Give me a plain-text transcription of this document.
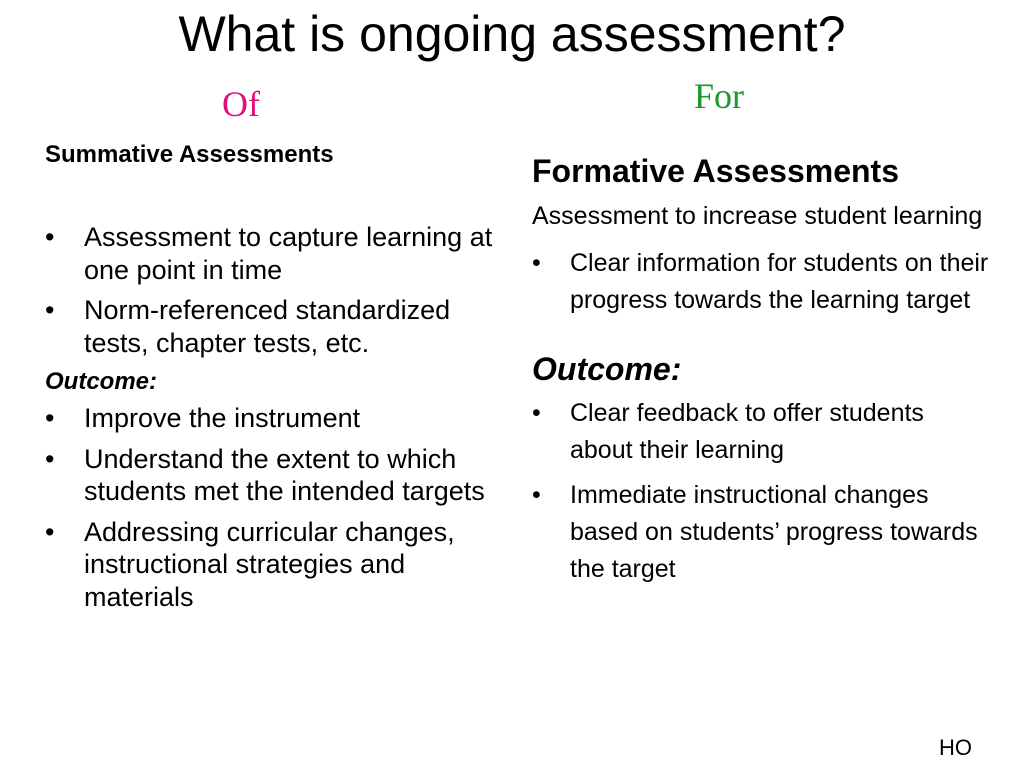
What is ongoing assessment?
Of	For

Summative Assessments

• Assessment to capture learning at one point in time
• Norm-referenced standardized tests, chapter tests, etc.

Outcome:

• Improve the instrument
• Understand the extent to which students met the intended targets
• Addressing curricular changes, instructional strategies and materials

Formative Assessments

Assessment to increase student learning

• Clear information for students on their progress towards the learning target

Outcome:

• Clear feedback to offer students about their learning
• Immediate instructional changes based on students’ progress towards the target
HO
